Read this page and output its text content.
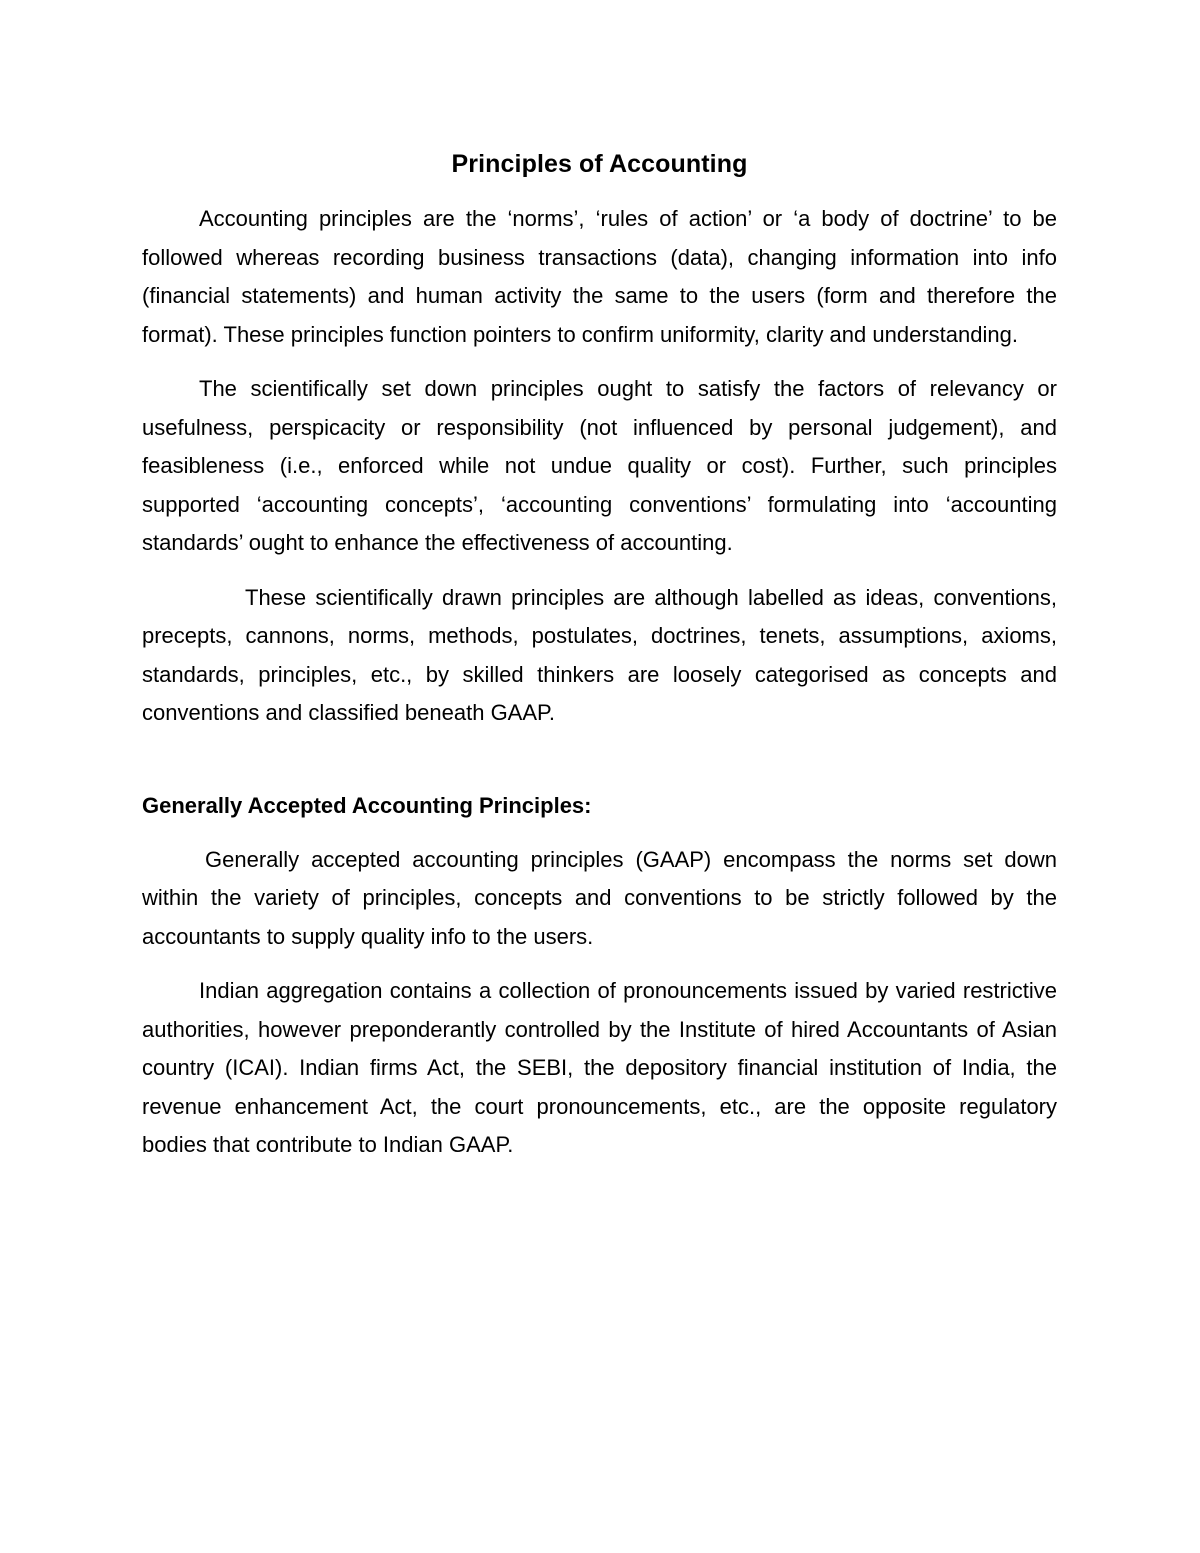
Principles of Accounting

Accounting principles are the ‘norms’, ‘rules of action’ or ‘a body of doctrine’ to be followed whereas recording business transactions (data), changing information into info (financial statements) and human activity the same to the users (form and therefore the format). These principles function pointers to confirm uniformity, clarity and understanding.

The scientifically set down principles ought to satisfy the factors of relevancy or usefulness, perspicacity or responsibility (not influenced by personal judgement), and feasibleness (i.e., enforced while not undue quality or cost). Further, such principles supported ‘accounting concepts’, ‘accounting conventions’ formulating into ‘accounting standards’ ought to enhance the effectiveness of accounting.

These scientifically drawn principles are although labelled as ideas, conventions, precepts, cannons, norms, methods, postulates, doctrines, tenets, assumptions, axioms, standards, principles, etc., by skilled thinkers are loosely categorised as concepts and conventions and classified beneath GAAP.

Generally Accepted Accounting Principles:

Generally accepted accounting principles (GAAP) encompass the norms set down within the variety of principles, concepts and conventions to be strictly followed by the accountants to supply quality info to the users.

Indian aggregation contains a collection of pronouncements issued by varied restrictive authorities, however preponderantly controlled by the Institute of hired Accountants of Asian country (ICAI). Indian firms Act, the SEBI, the depository financial institution of India, the revenue enhancement Act, the court pronouncements, etc., are the opposite regulatory bodies that contribute to Indian GAAP.
